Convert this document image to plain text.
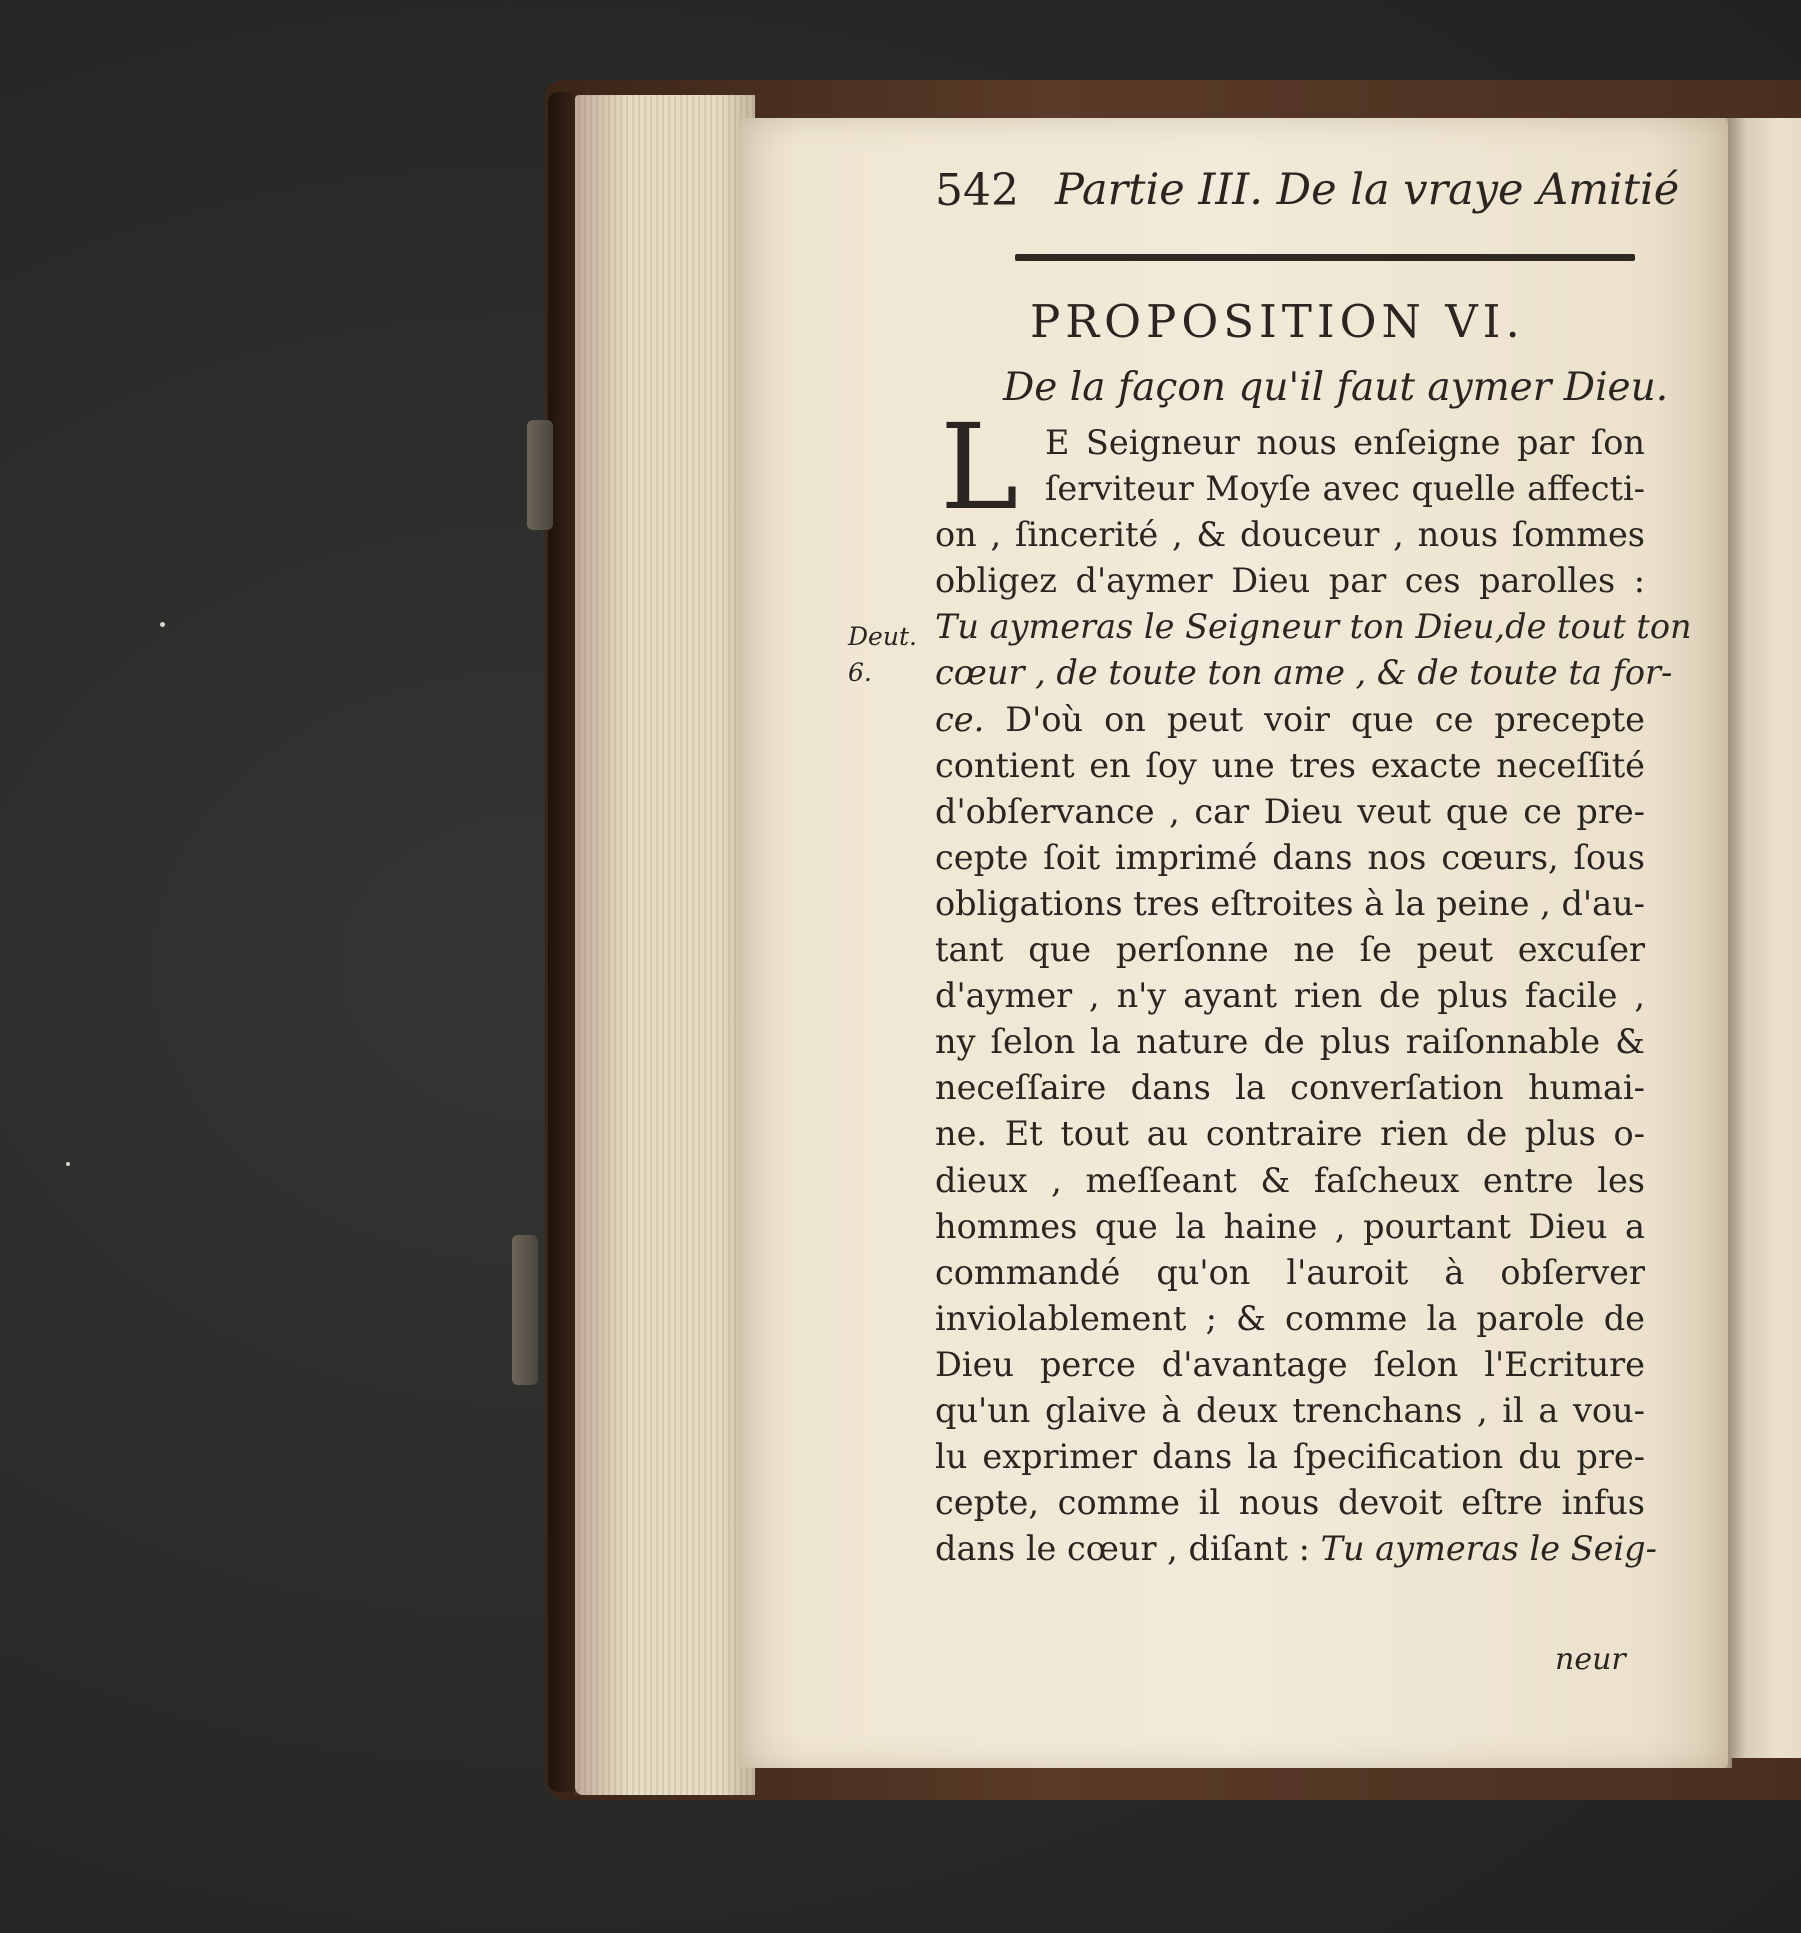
542 Partie III. De la vraye Amitié
PROPOSITION VI.
De la façon qu'il faut aymer Dieu.
L
Deut.
6.
E Seigneur nous enſeigne par ſon
ſerviteur Moyſe avec quelle affecti-
on , ſincerité , & douceur , nous ſommes
obligez d'aymer Dieu par ces parolles :
Tu aymeras le Seigneur ton Dieu,de tout ton
cœur , de toute ton ame , & de toute ta for-
ce. D'où on peut voir que ce precepte
contient en ſoy une tres exacte neceſſité
d'obſervance , car Dieu veut que ce pre-
cepte ſoit imprimé dans nos cœurs, ſous
obligations tres eſtroites à la peine , d'au-
tant que perſonne ne ſe peut excuſer
d'aymer , n'y ayant rien de plus facile ,
ny ſelon la nature de plus raiſonnable &
neceſſaire dans la converſation humai-
ne. Et tout au contraire rien de plus o-
dieux , meſſeant & faſcheux entre les
hommes que la haine , pourtant Dieu a
commandé qu'on l'auroit à obſerver
inviolablement ; & comme la parole de
Dieu perce d'avantage ſelon l'Ecriture
qu'un glaive à deux trenchans , il a vou-
lu exprimer dans la ſpecification du pre-
cepte, comme il nous devoit eſtre infus
dans le cœur , diſant : Tu aymeras le Seig-
neur
